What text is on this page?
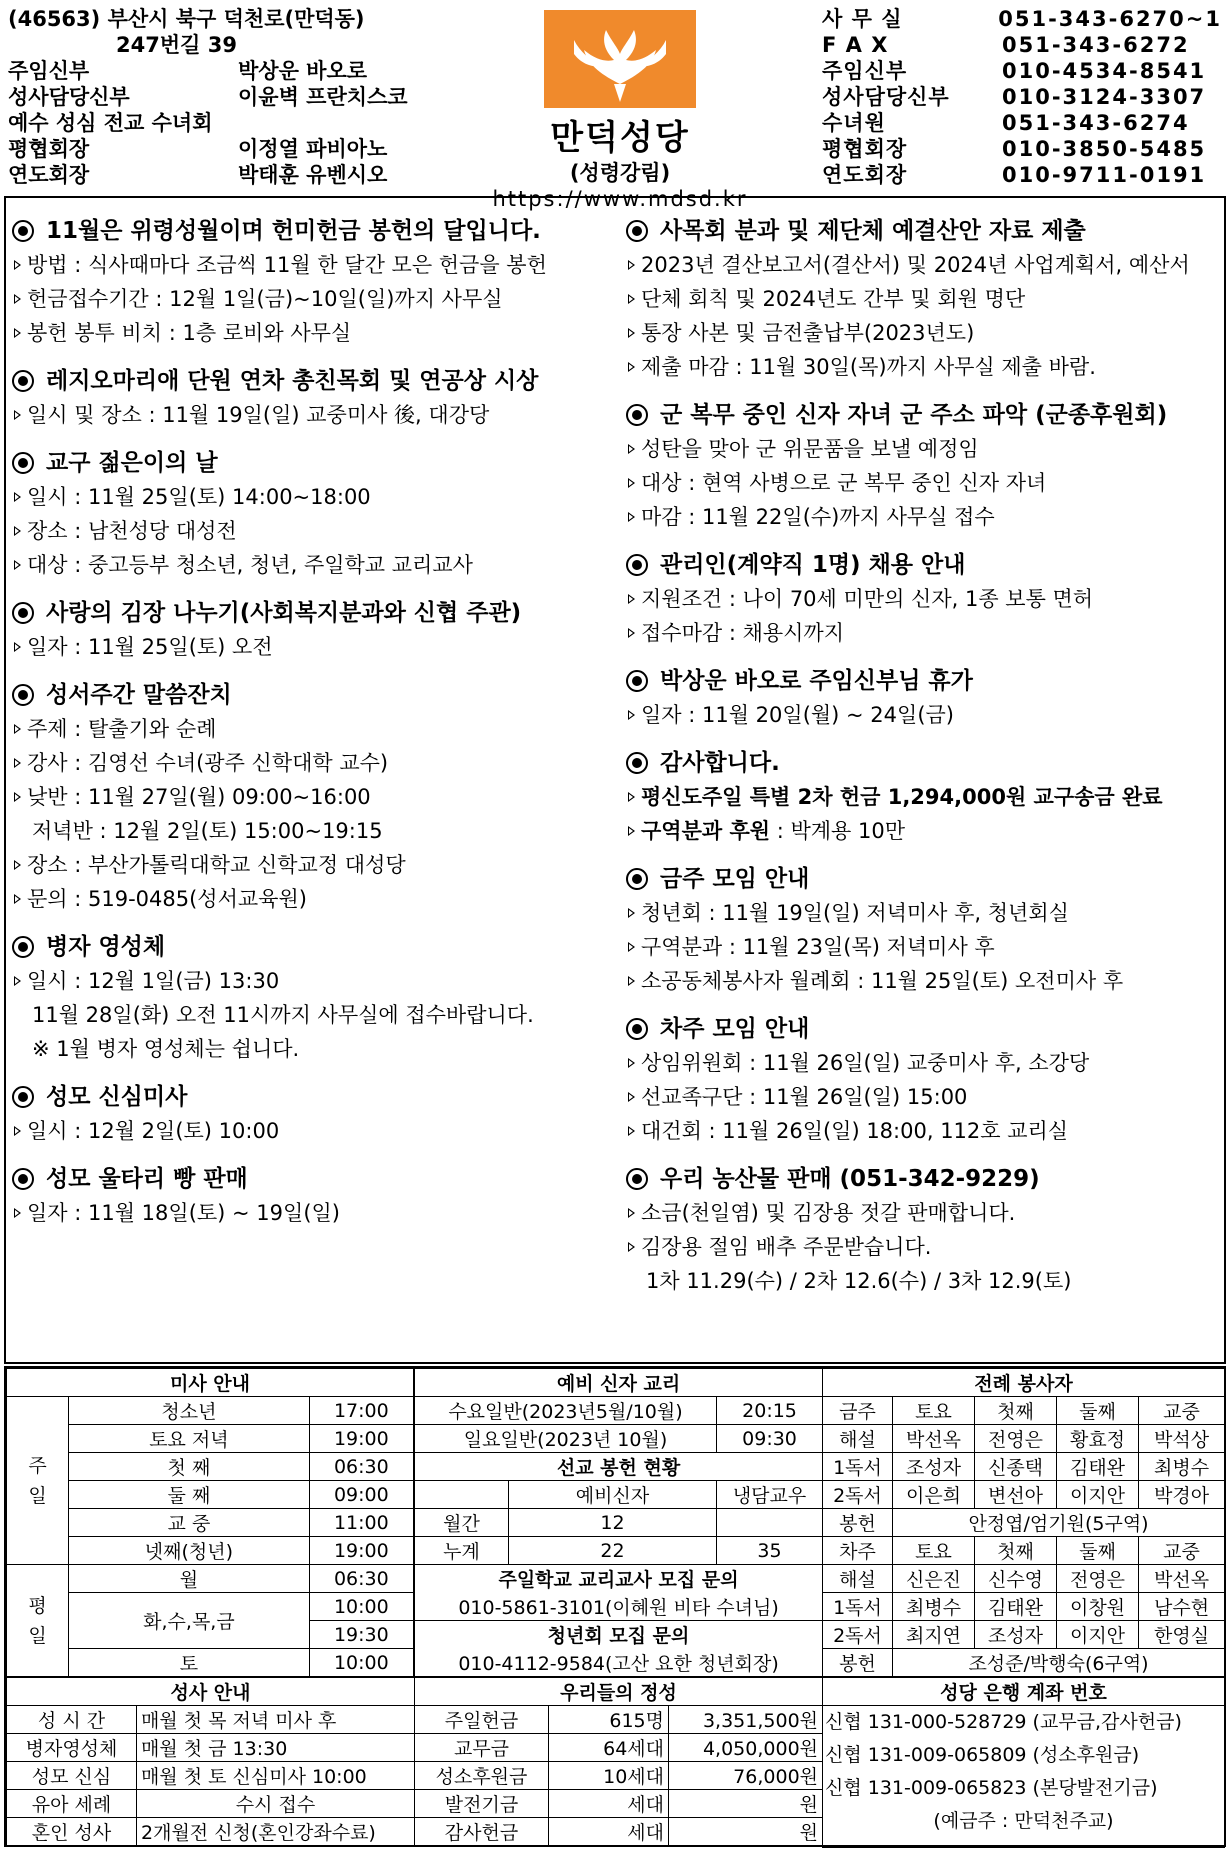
(46563) 부산시 북구 덕천로(만덕동)
247번길 39
주임신부	박상운 바오로
성사담당신부	이윤벽 프란치스코
예수 성심 전교 수녀회
평협회장	이정열 파비아노
연도회장	박태훈 유벤시오
만덕성당
(성령강림)
https://www.mdsd.kr
사 무 실	051-343-6270~1
F A X	051-343-6272
주임신부	010-4534-8541
성사담당신부	010-3124-3307
수녀원	051-343-6274
평협회장	010-3850-5485
연도회장	010-9711-0191
11월은 위령성월이며 헌미헌금 봉헌의 달입니다.
방법 : 식사때마다 조금씩 11월 한 달간 모은 헌금을 봉헌
헌금접수기간 : 12월 1일(금)~10일(일)까지 사무실
봉헌 봉투 비치 : 1층 로비와 사무실
레지오마리애 단원 연차 총친목회 및 연공상 시상
일시 및 장소 : 11월 19일(일) 교중미사 後, 대강당
교구 젊은이의 날
일시 : 11월 25일(토) 14:00~18:00
장소 : 남천성당 대성전
대상 : 중고등부 청소년, 청년, 주일학교 교리교사
사랑의 김장 나누기(사회복지분과와 신협 주관)
일자 : 11월 25일(토) 오전
성서주간 말씀잔치
주제 : 탈출기와 순례
강사 : 김영선 수녀(광주 신학대학 교수)
낮반 : 11월 27일(월) 09:00~16:00
저녁반 : 12월 2일(토) 15:00~19:15
장소 : 부산가톨릭대학교 신학교정 대성당
문의 : 519-0485(성서교육원)
병자 영성체
일시 : 12월 1일(금) 13:30
11월 28일(화) 오전 11시까지 사무실에 접수바랍니다.
※ 1월 병자 영성체는 쉽니다.
성모 신심미사
일시 : 12월 2일(토) 10:00
성모 울타리 빵 판매
일자 : 11월 18일(토) ~ 19일(일)
사목회 분과 및 제단체 예결산안 자료 제출
2023년 결산보고서(결산서) 및 2024년 사업계획서, 예산서
단체 회칙 및 2024년도 간부 및 회원 명단
통장 사본 및 금전출납부(2023년도)
제출 마감 : 11월 30일(목)까지 사무실 제출 바람.
군 복무 중인 신자 자녀 군 주소 파악 (군종후원회)
성탄을 맞아 군 위문품을 보낼 예정임
대상 : 현역 사병으로 군 복무 중인 신자 자녀
마감 : 11월 22일(수)까지 사무실 접수
관리인(계약직 1명) 채용 안내
지원조건 : 나이 70세 미만의 신자, 1종 보통 면허
접수마감 : 채용시까지
박상운 바오로 주임신부님 휴가
일자 : 11월 20일(월) ~ 24일(금)
감사합니다.
평신도주일 특별 2차 헌금 1,294,000원 교구송금 완료
구역분과 후원 : 박계용 10만
금주 모임 안내
청년회 : 11월 19일(일) 저녁미사 후, 청년회실
구역분과 : 11월 23일(목) 저녁미사 후
소공동체봉사자 월례회 : 11월 25일(토) 오전미사 후
차주 모임 안내
상임위원회 : 11월 26일(일) 교중미사 후, 소강당
선교족구단 : 11월 26일(일) 15:00
대건회 : 11월 26일(일) 18:00, 112호 교리실
우리 농산물 판매 (051-342-9229)
소금(천일염) 및 김장용 젓갈 판매합니다.
김장용 절임 배추 주문받습니다.
1차 11.29(수) / 2차 12.6(수) / 3차 12.9(토)
미사 안내		
주
일	청소년	17:00
	토요 저녁	19:00
	첫 째	06:30
	둘 째	09:00
	교 중	11:00
	넷째(청년)	19:00
평
일	월	06:30
	화,수,목,금	10:00
		19:30
	토	10:00
예비 신자 교리		
수요일반(2023년5월/10월)		20:15
일요일반(2023년 10월)		09:30
선교 봉헌 현황		
	예비신자	냉담교우
월간	12	
누계	22	35
주일학교 교리교사 모집 문의		
010-5861-3101(이혜원 비타 수녀님)		
청년회 모집 문의		
010-4112-9584(고산 요한 청년회장)		
전례 봉사자				
금주	토요	첫째	둘째	교중
해설	박선옥	전영은	황효정	박석상
1독서	조성자	신종택	김태완	최병수
2독서	이은희	변선아	이지안	박경아
봉헌	안정엽/엄기원(5구역)			
차주	토요	첫째	둘째	교중
해설	신은진	신수영	전영은	박선옥
1독서	최병수	김태완	이창원	남수현
2독서	최지연	조성자	이지안	한영실
봉헌	조성준/박행숙(6구역)			
성사 안내	
성 시 간	매월 첫 목 저녁 미사 후
병자영성체	매월 첫 금 13:30
성모 신심	매월 첫 토 신심미사 10:00
유아 세례	수시 접수
혼인 성사	2개월전 신청(혼인강좌수료)
우리들의 정성		
주일헌금	615명	3,351,500원
교무금	64세대	4,050,000원
성소후원금	10세대	76,000원
발전기금	세대	원
감사헌금	세대	원
성당 은행 계좌 번호

신협 131-000-528729 (교무금,감사헌금)
신협 131-009-065809 (성소후원금)
신협 131-009-065823 (본당발전기금)
(예금주 : 만덕천주교)
